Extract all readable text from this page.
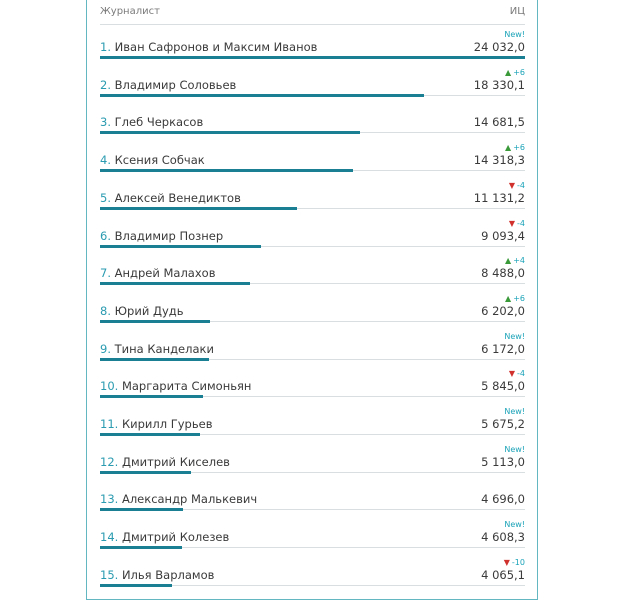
Журналист	ИЦ
1. Иван Сафронов и Максим Иванов
New!
24 032,0
2. Владимир Соловьев
▲ +6
18 330,1
3. Глеб Черкасов	14 681,5
4. Ксения Собчак
▲ +6
14 318,3
5. Алексей Венедиктов
▼ -4
11 131,2
6. Владимир Познер
▼ -4
9 093,4
7. Андрей Малахов
▲ +4
8 488,0
8. Юрий Дудь
▲ +6
6 202,0
9. Тина Канделаки
New!
6 172,0
10. Маргарита Симоньян
▼ -4
5 845,0
11. Кирилл Гурьев
New!
5 675,2
12. Дмитрий Киселев
New!
5 113,0
13. Александр Малькевич	4 696,0
14. Дмитрий Колезев
New!
4 608,3
15. Илья Варламов
▼ -10
4 065,1
